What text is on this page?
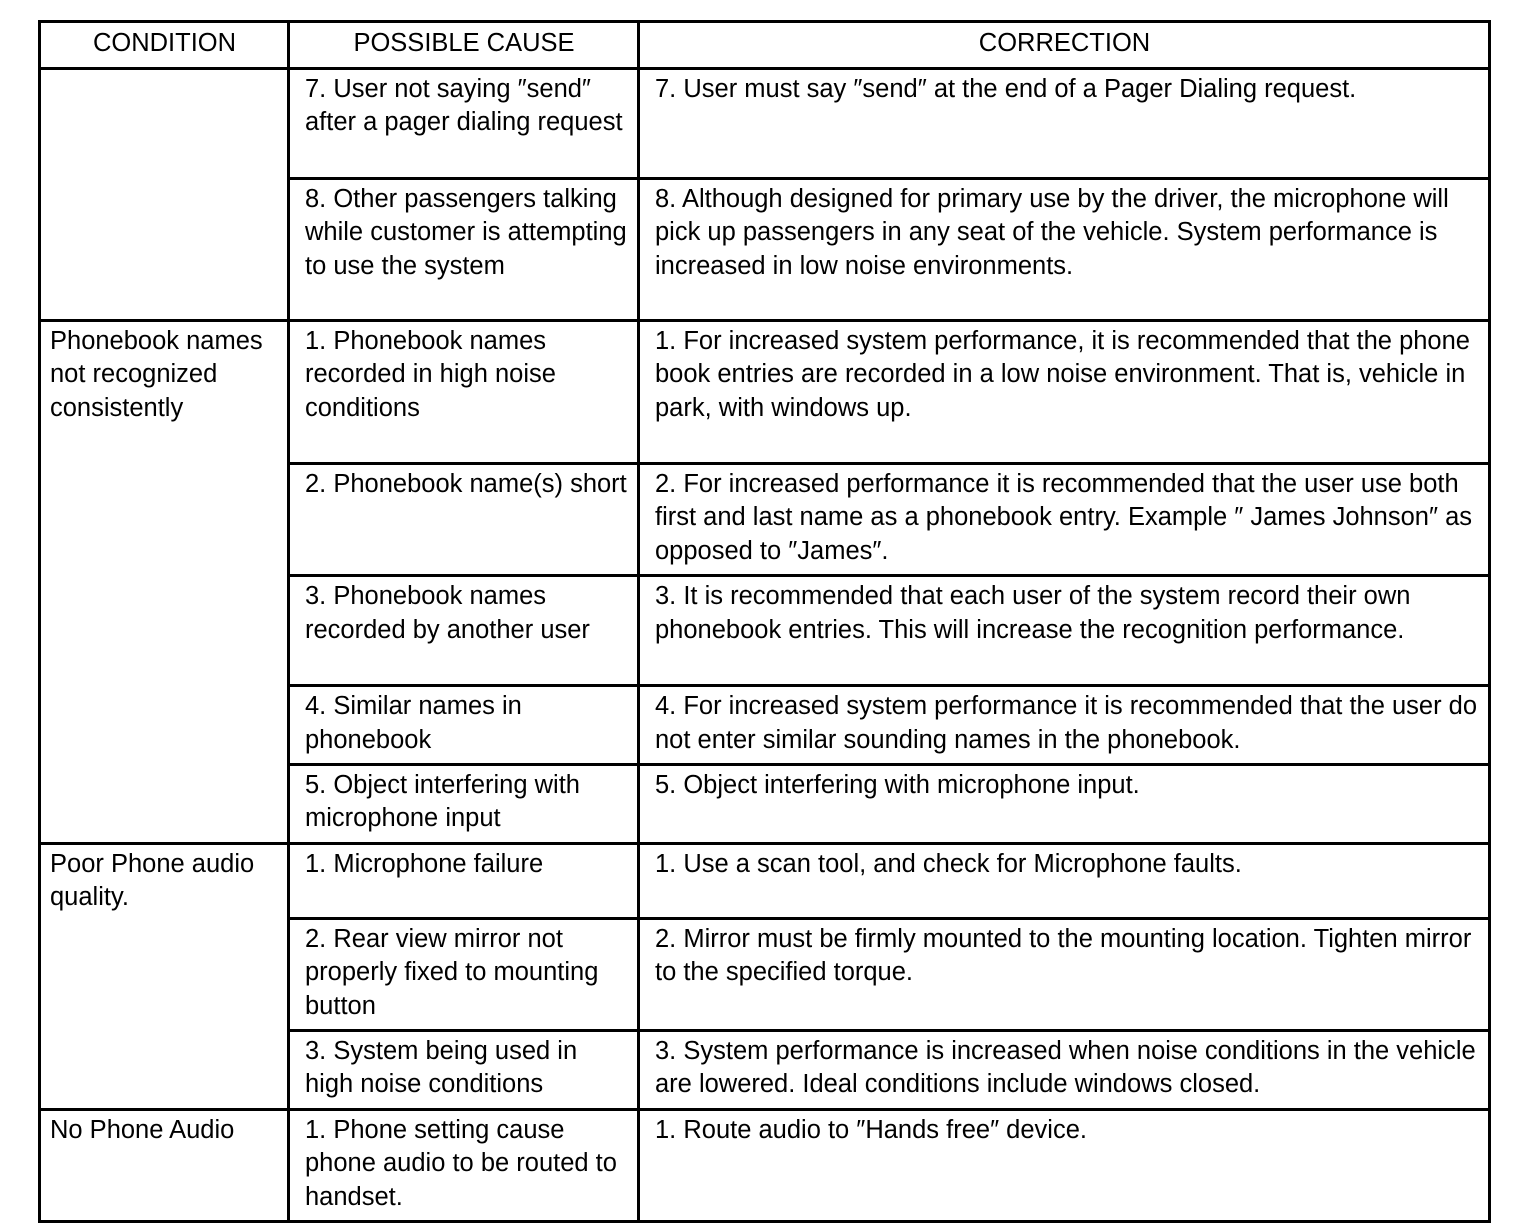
CONDITION	POSSIBLE CAUSE	CORRECTION
	7. User not saying ″send″ after a pager dialing request	7. User must say ″send″ at the end of a Pager Dialing request.
	8. Other passengers talking while customer is attempting to use the system	8. Although designed for primary use by the driver, the microphone will pick up passengers in any seat of the vehicle. System performance is increased in low noise environments.
Phonebook names not recognized consistently	1. Phonebook names recorded in high noise conditions	1. For increased system performance, it is recommended that the phone book entries are recorded in a low noise environment. That is, vehicle in park, with windows up.
	2. Phonebook name(s) short	2. For increased performance it is recommended that the user use both first and last name as a phonebook entry. Example ″ James Johnson″ as opposed to ″James″.
	3. Phonebook names recorded by another user	3. It is recommended that each user of the system record their own phonebook entries. This will increase the recognition performance.
	4. Similar names in phonebook	4. For increased system performance it is recommended that the user do not enter similar sounding names in the phonebook.
	5. Object interfering with microphone input	5. Object interfering with microphone input.
Poor Phone audio quality.	1. Microphone failure	1. Use a scan tool, and check for Microphone faults.
	2. Rear view mirror not properly fixed to mounting button	2. Mirror must be firmly mounted to the mounting location. Tighten mirror to the specified torque.
	3. System being used in high noise conditions	3. System performance is increased when noise conditions in the vehicle are lowered. Ideal conditions include windows closed.
No Phone Audio	1. Phone setting cause phone audio to be routed to handset.	1. Route audio to ″Hands free″ device.
